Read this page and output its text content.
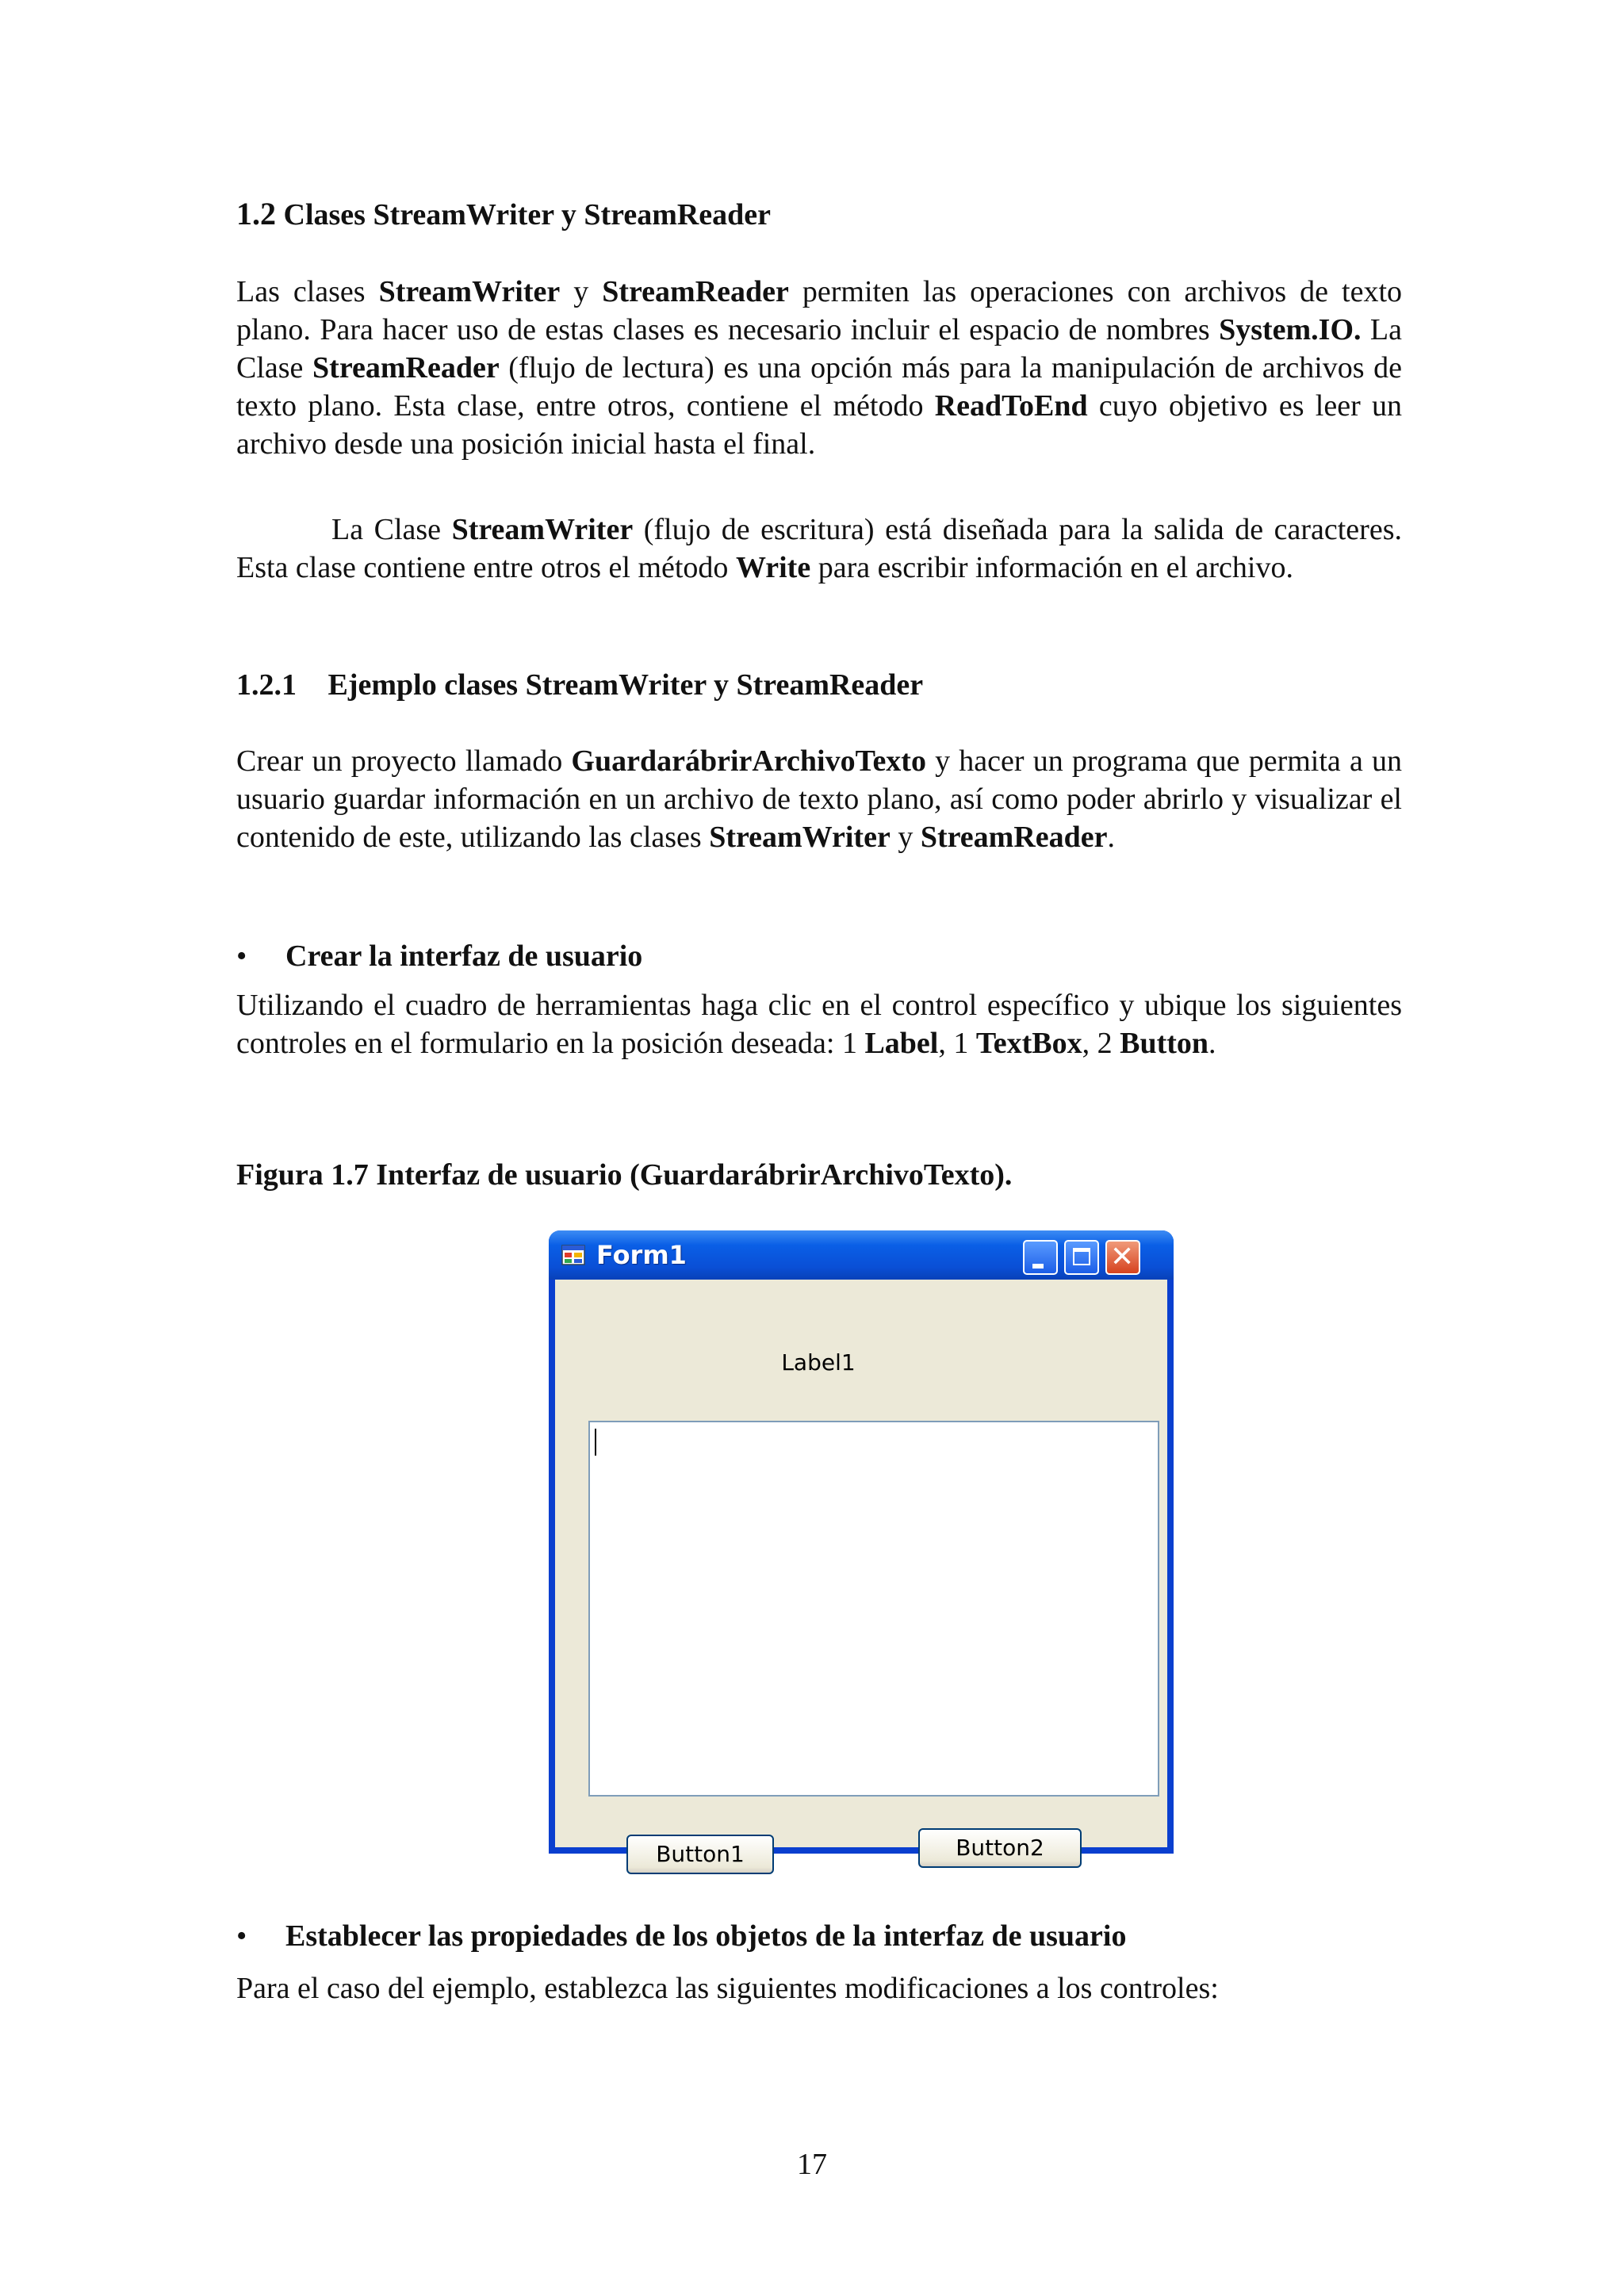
1.2 Clases StreamWriter y StreamReader
Las clases StreamWriter y StreamReader permiten las operaciones con archivos de texto plano. Para hacer uso de estas clases es necesario incluir el espacio de nombres System.IO. La Clase StreamReader (flujo de lectura) es una opción más para la manipulación de archivos de texto plano. Esta clase, entre otros, contiene el método ReadToEnd cuyo objetivo es leer un archivo desde una posición inicial hasta el final.
La Clase StreamWriter (flujo de escritura) está diseñada para la salida de caracteres. Esta clase contiene entre otros el método Write para escribir información en el archivo.
1.2.1 Ejemplo clases StreamWriter y StreamReader
Crear un proyecto llamado GuardarábrirArchivoTexto y hacer un programa que permita a un usuario guardar información en un archivo de texto plano, así como poder abrirlo y visualizar el contenido de este, utilizando las clases StreamWriter y StreamReader.
• Crear la interfaz de usuario
Utilizando el cuadro de herramientas haga clic en el control específico y ubique los siguientes controles en el formulario en la posición deseada: 1 Label, 1 TextBox, 2 Button.
Figura 1.7 Interfaz de usuario (GuardarábrirArchivoTexto).
Form1	✕
Label1
Button1	Button2
• Establecer las propiedades de los objetos de la interfaz de usuario
Para el caso del ejemplo, establezca las siguientes modificaciones a los controles:
17
